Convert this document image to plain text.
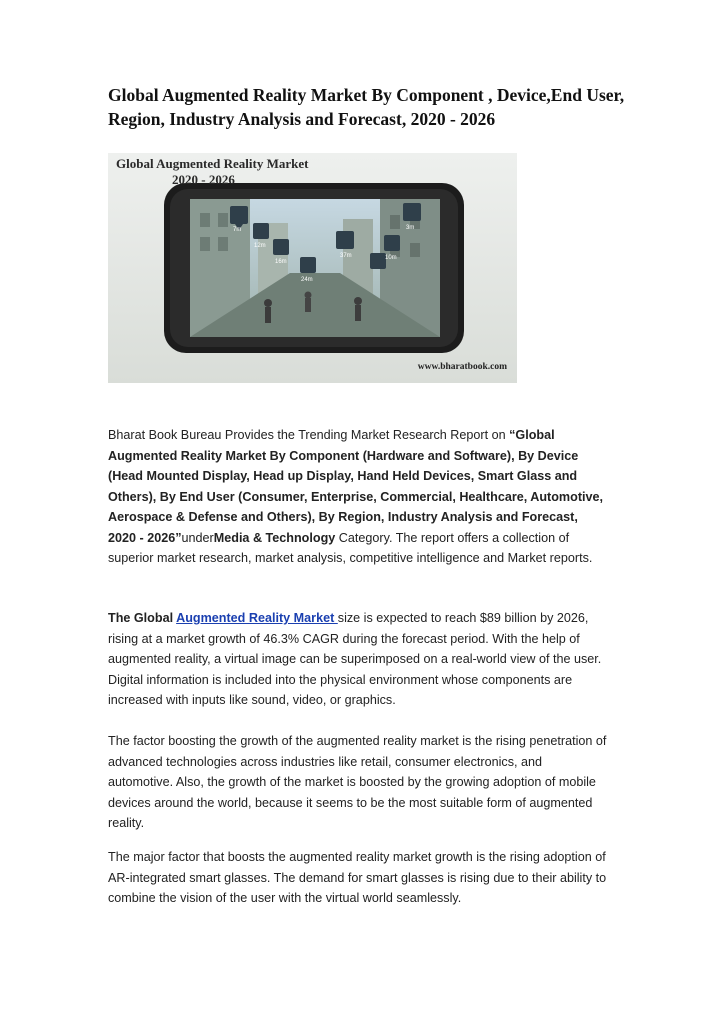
Global Augmented Reality Market By Component , Device,End User,
Region, Industry Analysis and Forecast, 2020 - 2026
7m
12m
16m
24m
37m	10m
3m
Global Augmented Reality Market
2020 - 2026
www.bharatbook.com
Bharat Book Bureau Provides the Trending Market Research Report on “Global Augmented Reality Market By Component (Hardware and Software), By Device (Head Mounted Display, Head up Display, Hand Held Devices, Smart Glass and Others), By End User (Consumer, Enterprise, Commercial, Healthcare, Automotive, Aerospace & Defense and Others), By Region, Industry Analysis and Forecast, 2020 - 2026”underMedia & Technology Category. The report offers a collection of superior market research, market analysis, competitive intelligence and Market reports.
The Global Augmented Reality Market size is expected to reach $89 billion by 2026, rising at a market growth of 46.3% CAGR during the forecast period. With the help of augmented reality, a virtual image can be superimposed on a real-world view of the user. Digital information is included into the physical environment whose components are increased with inputs like sound, video, or graphics.
The factor boosting the growth of the augmented reality market is the rising penetration of advanced technologies across industries like retail, consumer electronics, and automotive. Also, the growth of the market is boosted by the growing adoption of mobile devices around the world, because it seems to be the most suitable form of augmented reality.
The major factor that boosts the augmented reality market growth is the rising adoption of AR-integrated smart glasses. The demand for smart glasses is rising due to their ability to combine the vision of the user with the virtual world seamlessly.
